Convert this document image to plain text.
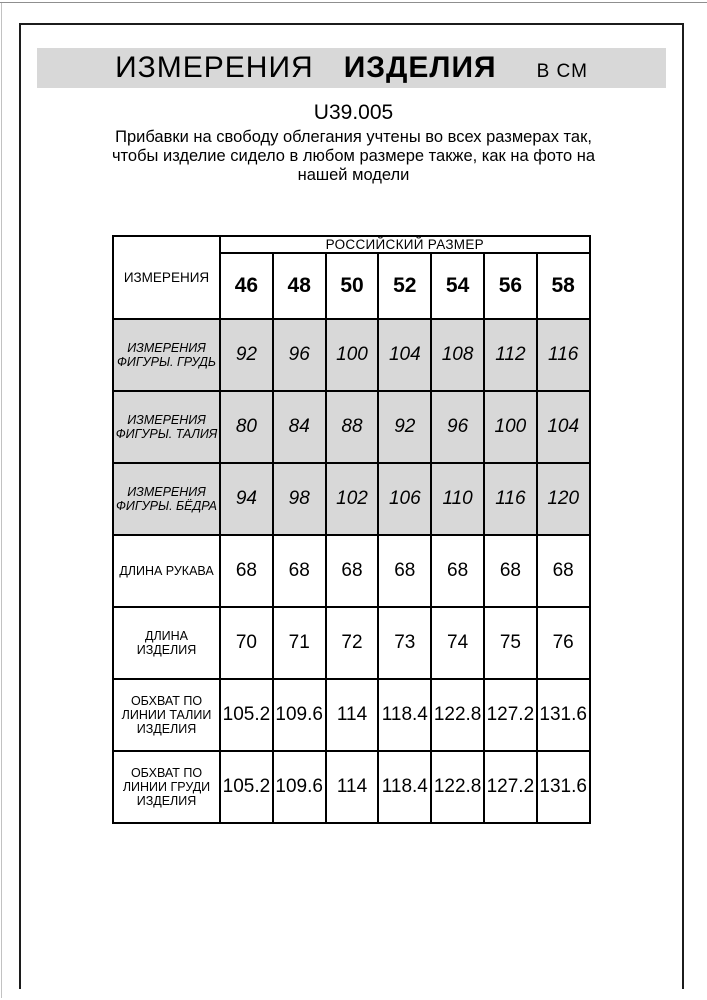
ИЗМЕРЕНИЯ ИЗДЕЛИЯ В СМ
U39.005
Прибавки на свободу облегания учтены во всех размерах так,
чтобы изделие сидело в любом размере также, как на фото на
нашей модели
ИЗМЕРЕНИЯ	РОССИЙСКИЙ РАЗМЕР						
	46	48	50	52	54	56	58
ИЗМЕРЕНИЯ ФИГУРЫ. ГРУДЬ	92	96	100	104	108	112	116
ИЗМЕРЕНИЯ ФИГУРЫ. ТАЛИЯ	80	84	88	92	96	100	104
ИЗМЕРЕНИЯ ФИГУРЫ. БЁДРА	94	98	102	106	110	116	120
ДЛИНА РУКАВА	68	68	68	68	68	68	68
ДЛИНА ИЗДЕЛИЯ	70	71	72	73	74	75	76
ОБХВАТ ПО ЛИНИИ ТАЛИИ ИЗДЕЛИЯ	105.2	109.6	114	118.4	122.8	127.2	131.6
ОБХВАТ ПО ЛИНИИ ГРУДИ ИЗДЕЛИЯ	105.2	109.6	114	118.4	122.8	127.2	131.6
